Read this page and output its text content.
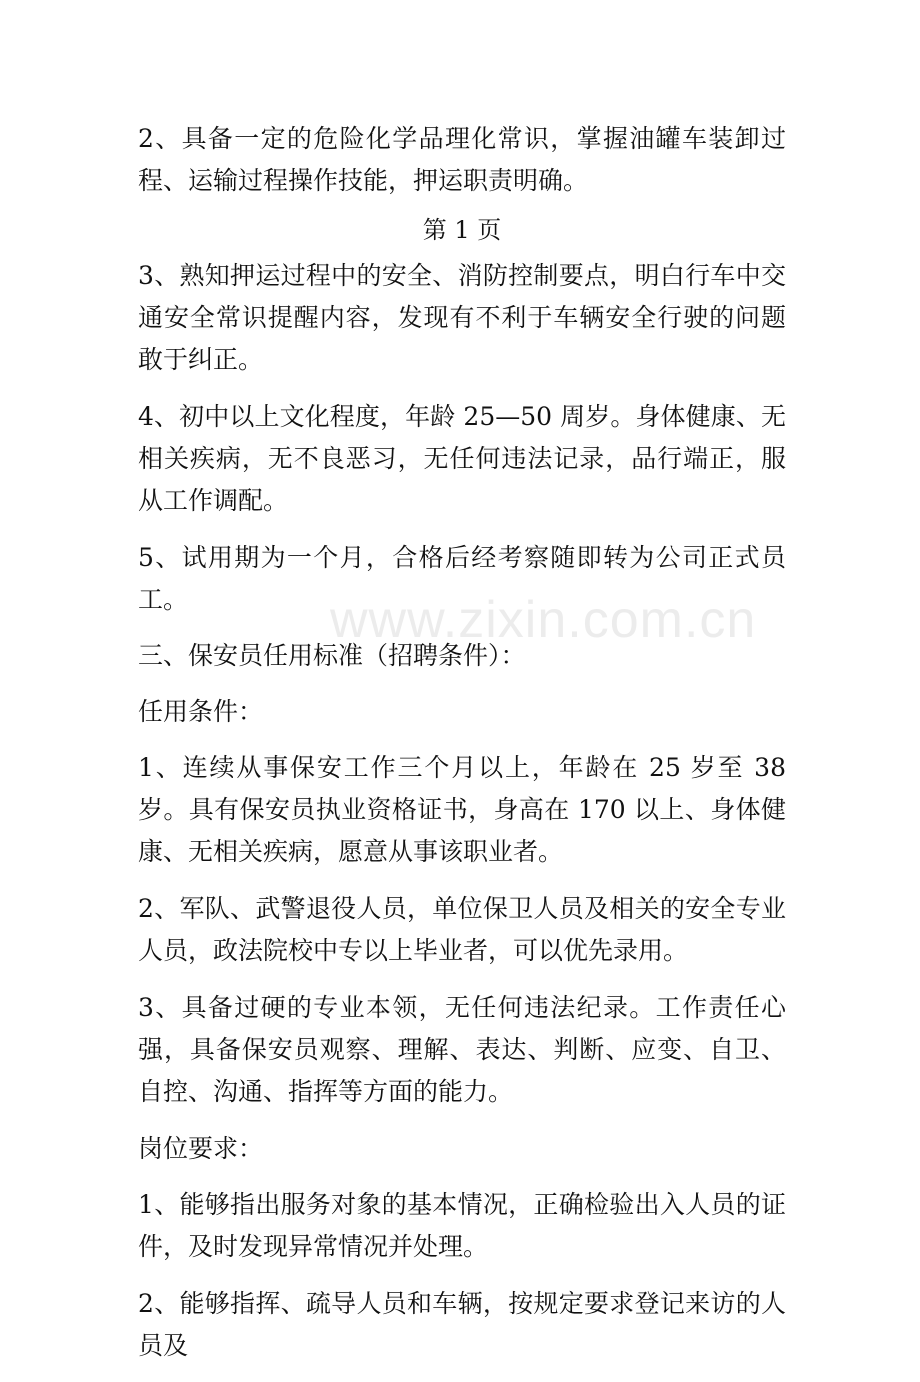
2、具备一定的危险化学品理化常识，掌握油罐车装卸过程、运输过程操作技能，押运职责明确。

第 1 页

3、熟知押运过程中的安全、消防控制要点，明白行车中交通安全常识提醒内容，发现有不利于车辆安全行驶的问题敢于纠正。

4、初中以上文化程度，年龄 25—50 周岁。身体健康、无相关疾病，无不良恶习，无任何违法记录，品行端正，服从工作调配。

5、试用期为一个月，合格后经考察随即转为公司正式员工。

三、保安员任用标准（招聘条件）：

任用条件：

1、连续从事保安工作三个月以上，年龄在 25 岁至 38 岁。具有保安员执业资格证书，身高在 170 以上、身体健康、无相关疾病，愿意从事该职业者。

2、军队、武警退役人员，单位保卫人员及相关的安全专业人员，政法院校中专以上毕业者，可以优先录用。

3、具备过硬的专业本领，无任何违法纪录。工作责任心强，具备保安员观察、理解、表达、判断、应变、自卫、自控、沟通、指挥等方面的能力。

岗位要求：

1、能够指出服务对象的基本情况，正确检验出入人员的证件，及时发现异常情况并处理。

2、能够指挥、疏导人员和车辆，按规定要求登记来访的人员及

www.zixin.com.cn
